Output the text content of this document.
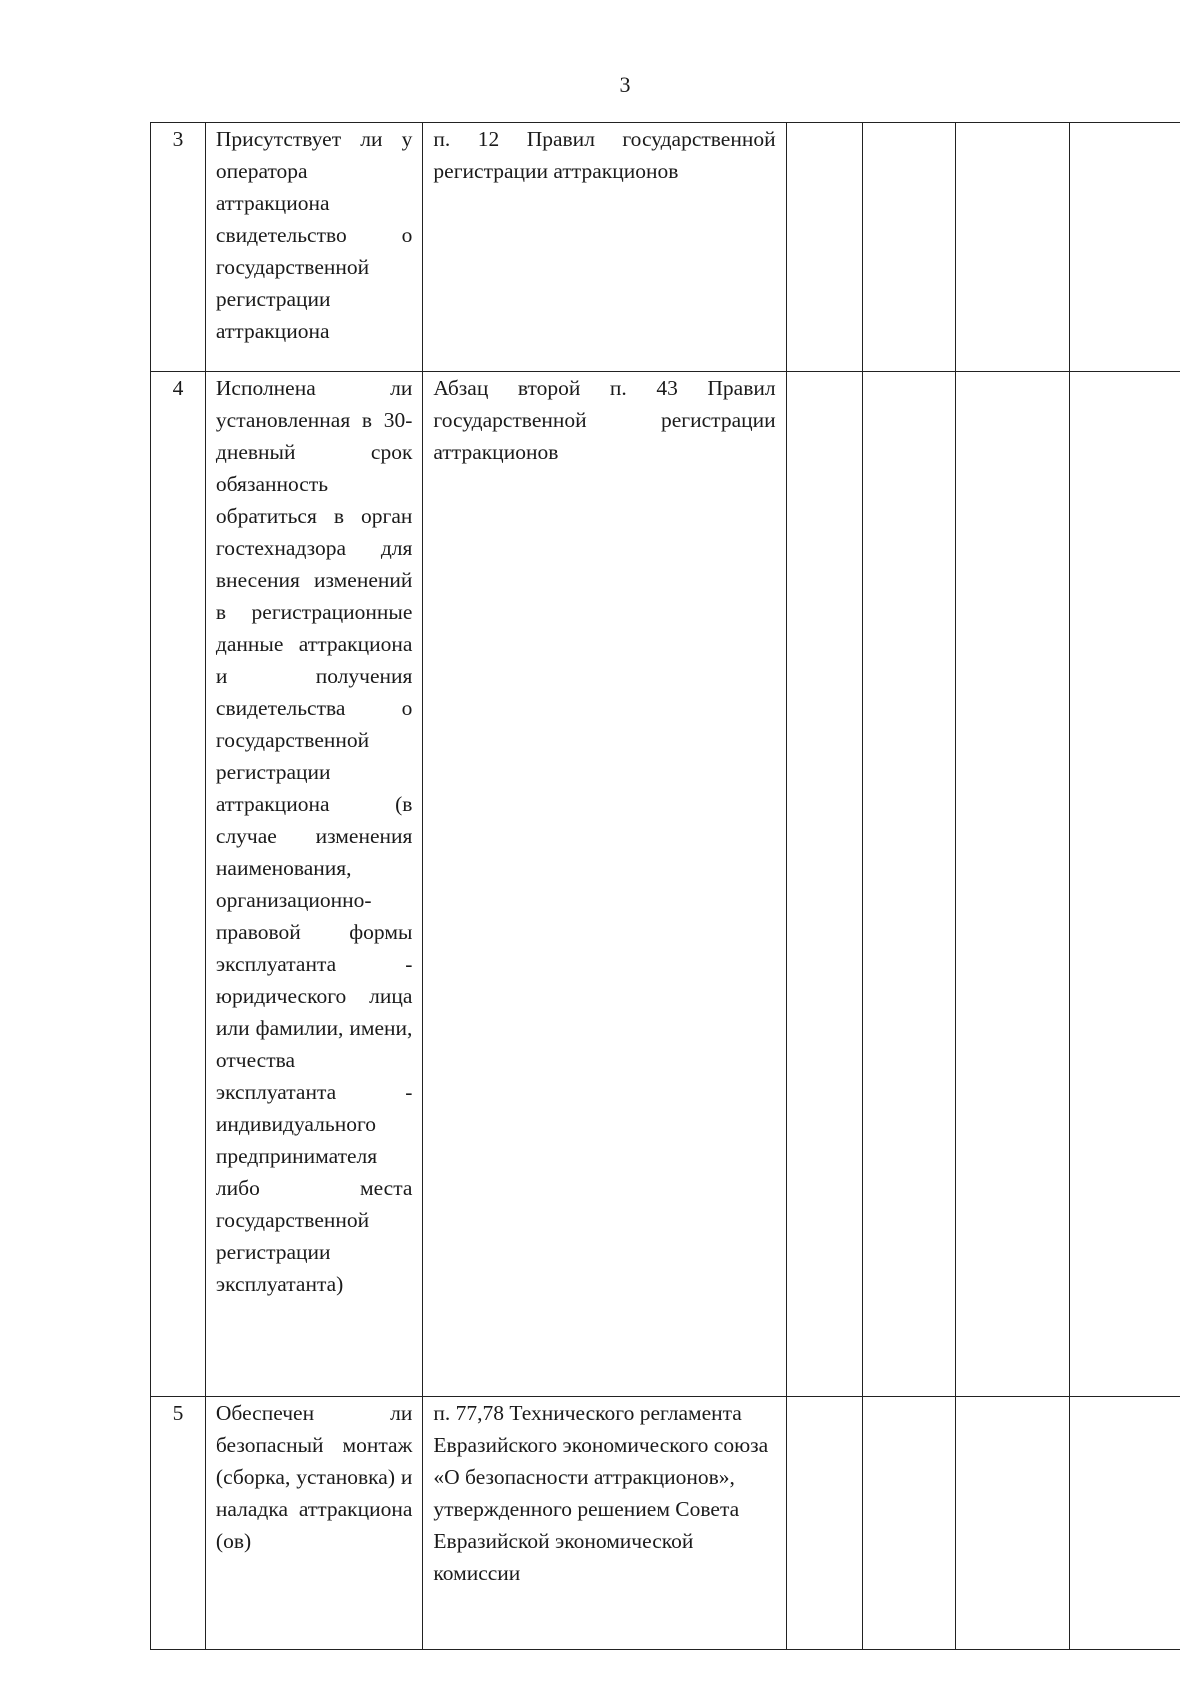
3
3	Присутствует ли у оператора аттракциона свидетельство о государственной регистрации аттракциона	п. 12 Правил государственной регистрации аттракционов				

4	Исполнена ли установленная в 30-дневный срок обязанность обратиться в орган гостехнадзора для внесения изменений в регистрационные данные аттракциона и получения свидетельства о государственной регистрации аттракциона (в случае изменения наименования, организационно-правовой формы эксплуатанта - юридического лица или фамилии, имени, отчества эксплуатанта - индивидуального предпринимателя либо места государственной регистрации эксплуатанта)	Абзац второй п. 43 Правил государственной регистрации аттракционов				

5	Обеспечен ли безопасный монтаж (сборка, установка) и наладка аттракциона (ов)	п. 77,78 Технического регламента Евразийского экономического союза «О безопасности аттракционов», утвержденного решением Совета Евразийской экономической комиссии				
